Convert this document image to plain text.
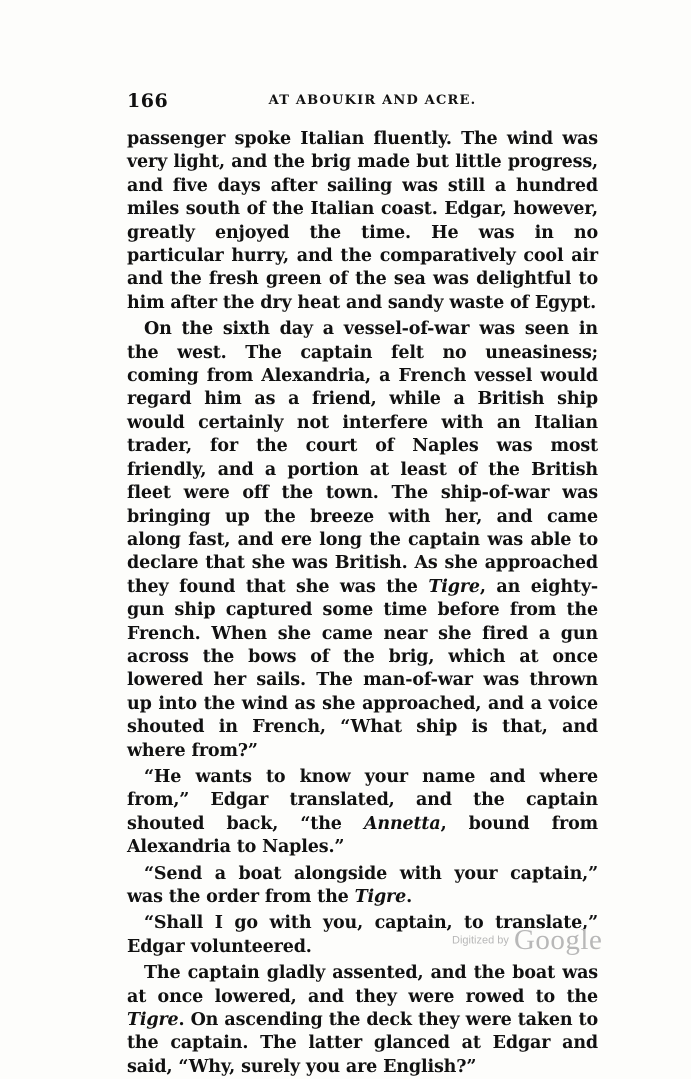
166	AT ABOUKIR AND ACRE.

passenger spoke Italian fluently. The wind was very light, and the brig made but little progress, and five days after sailing was still a hundred miles south of the Italian coast. Edgar, however, greatly enjoyed the time. He was in no particular hurry, and the comparatively cool air and the fresh green of the sea was delightful to him after the dry heat and sandy waste of Egypt.

On the sixth day a vessel-of-war was seen in the west. The captain felt no uneasiness; coming from Alexandria, a French vessel would regard him as a friend, while a British ship would certainly not interfere with an Italian trader, for the court of Naples was most friendly, and a portion at least of the British fleet were off the town. The ship-of-war was bringing up the breeze with her, and came along fast, and ere long the captain was able to declare that she was British. As she approached they found that she was the Tigre, an eighty-gun ship captured some time before from the French. When she came near she fired a gun across the bows of the brig, which at once lowered her sails. The man-of-war was thrown up into the wind as she approached, and a voice shouted in French, “What ship is that, and where from?”

“He wants to know your name and where from,” Edgar translated, and the captain shouted back, “the Annetta, bound from Alexandria to Naples.”

“Send a boat alongside with your captain,” was the order from the Tigre.

“Shall I go with you, captain, to translate,” Edgar volunteered.

The captain gladly assented, and the boat was at once lowered, and they were rowed to the Tigre. On ascending the deck they were taken to the captain. The latter glanced at Edgar and said, “Why, surely you are English?”

Digitized by Google
